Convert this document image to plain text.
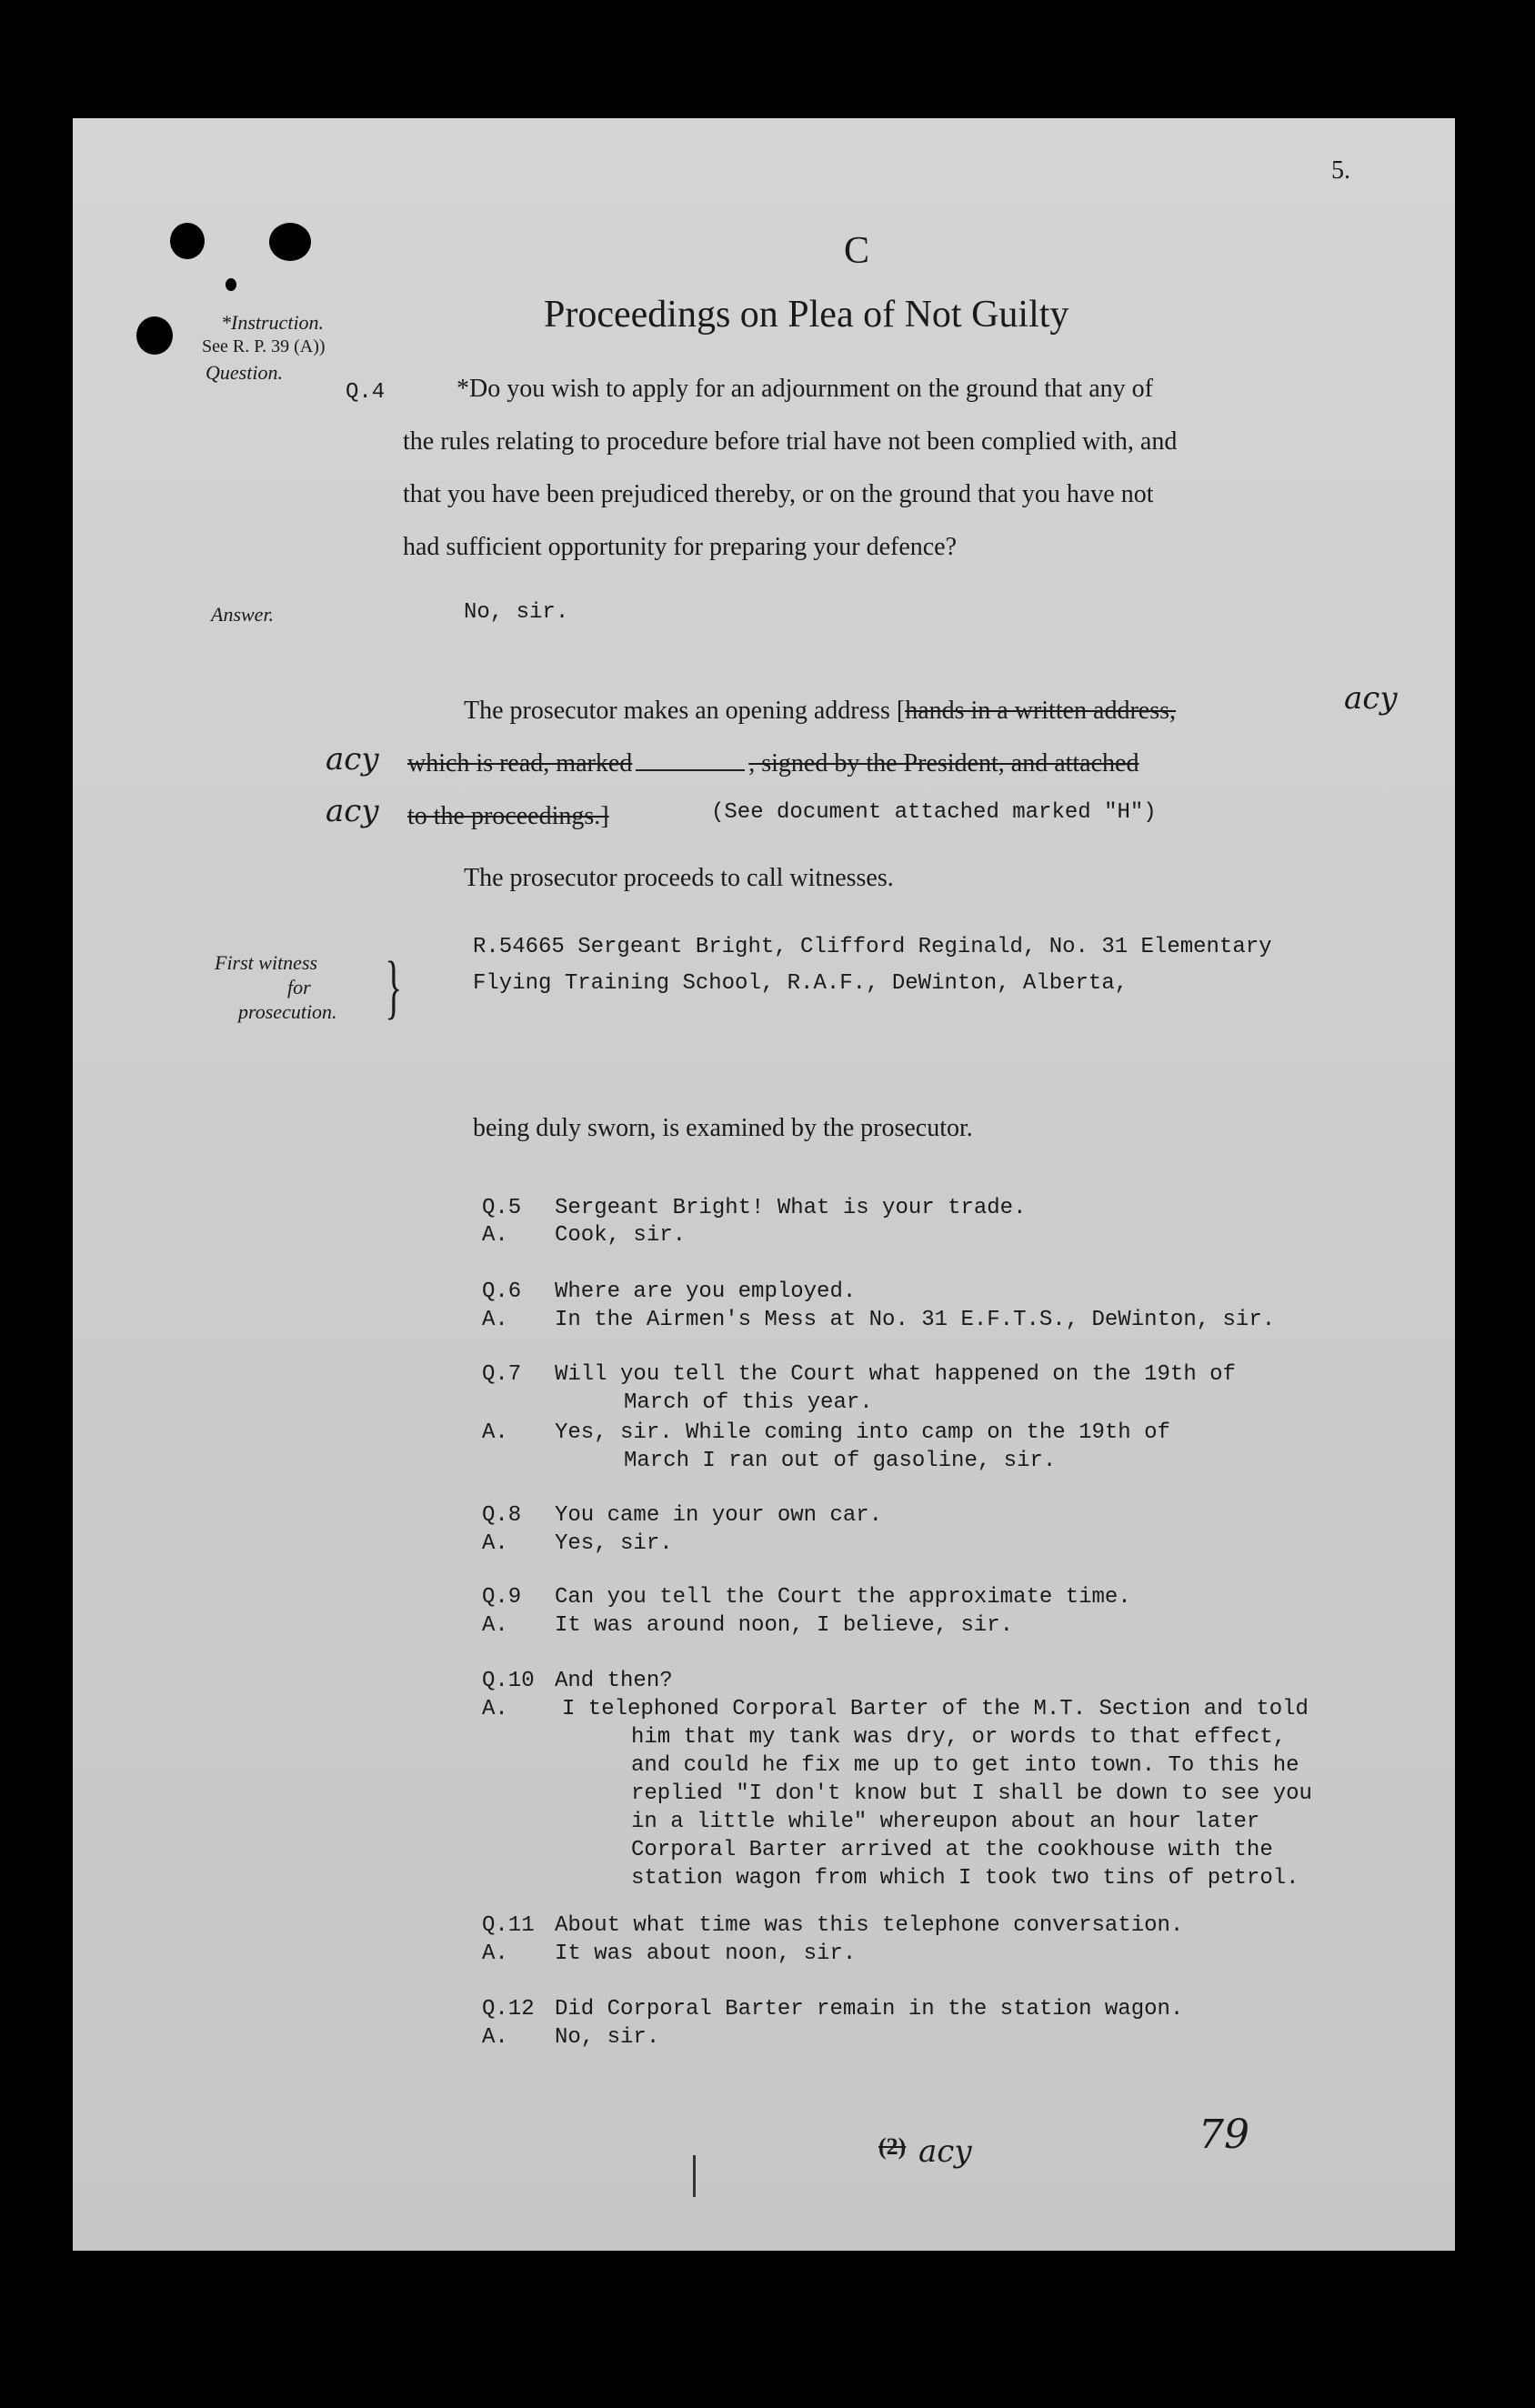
5.
C
Proceedings on Plea of Not Guilty
*Instruction.
See R. P. 39 (A))
Question.
Answer.
First witness
for
prosecution. }
Q.4	*Do you wish to apply for an adjournment on the ground that any of
the rules relating to procedure before trial have not been complied with, and
that you have been prejudiced thereby, or on the ground that you have not
had sufficient opportunity for preparing your defence?
No, sir.
The prosecutor makes an opening address [hands in a written address,	acy
acy which is read, marked	, signed by the President, and attached
acy to the proceedings.]	(See document attached marked "H")
The prosecutor proceeds to call witnesses.
R.54665 Sergeant Bright, Clifford Reginald, No. 31 Elementary
Flying Training School, R.A.F., DeWinton, Alberta,
being duly sworn, is examined by the prosecutor.
Q.5 Sergeant Bright! What is your trade.
A. Cook, sir.
Q.6 Where are you employed.
A. In the Airmen's Mess at No. 31 E.F.T.S., DeWinton, sir.
Q.7 Will you tell the Court what happened on the 19th of
March of this year.
A. Yes, sir. While coming into camp on the 19th of
March I ran out of gasoline, sir.
Q.8 You came in your own car.
A. Yes, sir.
Q.9 Can you tell the Court the approximate time.
A. It was around noon, I believe, sir.
Q.10 And then?
A. I telephoned Corporal Barter of the M.T. Section and told
him that my tank was dry, or words to that effect,
and could he fix me up to get into town. To this he
replied "I don't know but I shall be down to see you
in a little while" whereupon about an hour later
Corporal Barter arrived at the cookhouse with the
station wagon from which I took two tins of petrol.
Q.11 About what time was this telephone conversation.
A. It was about noon, sir.
Q.12 Did Corporal Barter remain in the station wagon.
A. No, sir.
(2) acy	79
